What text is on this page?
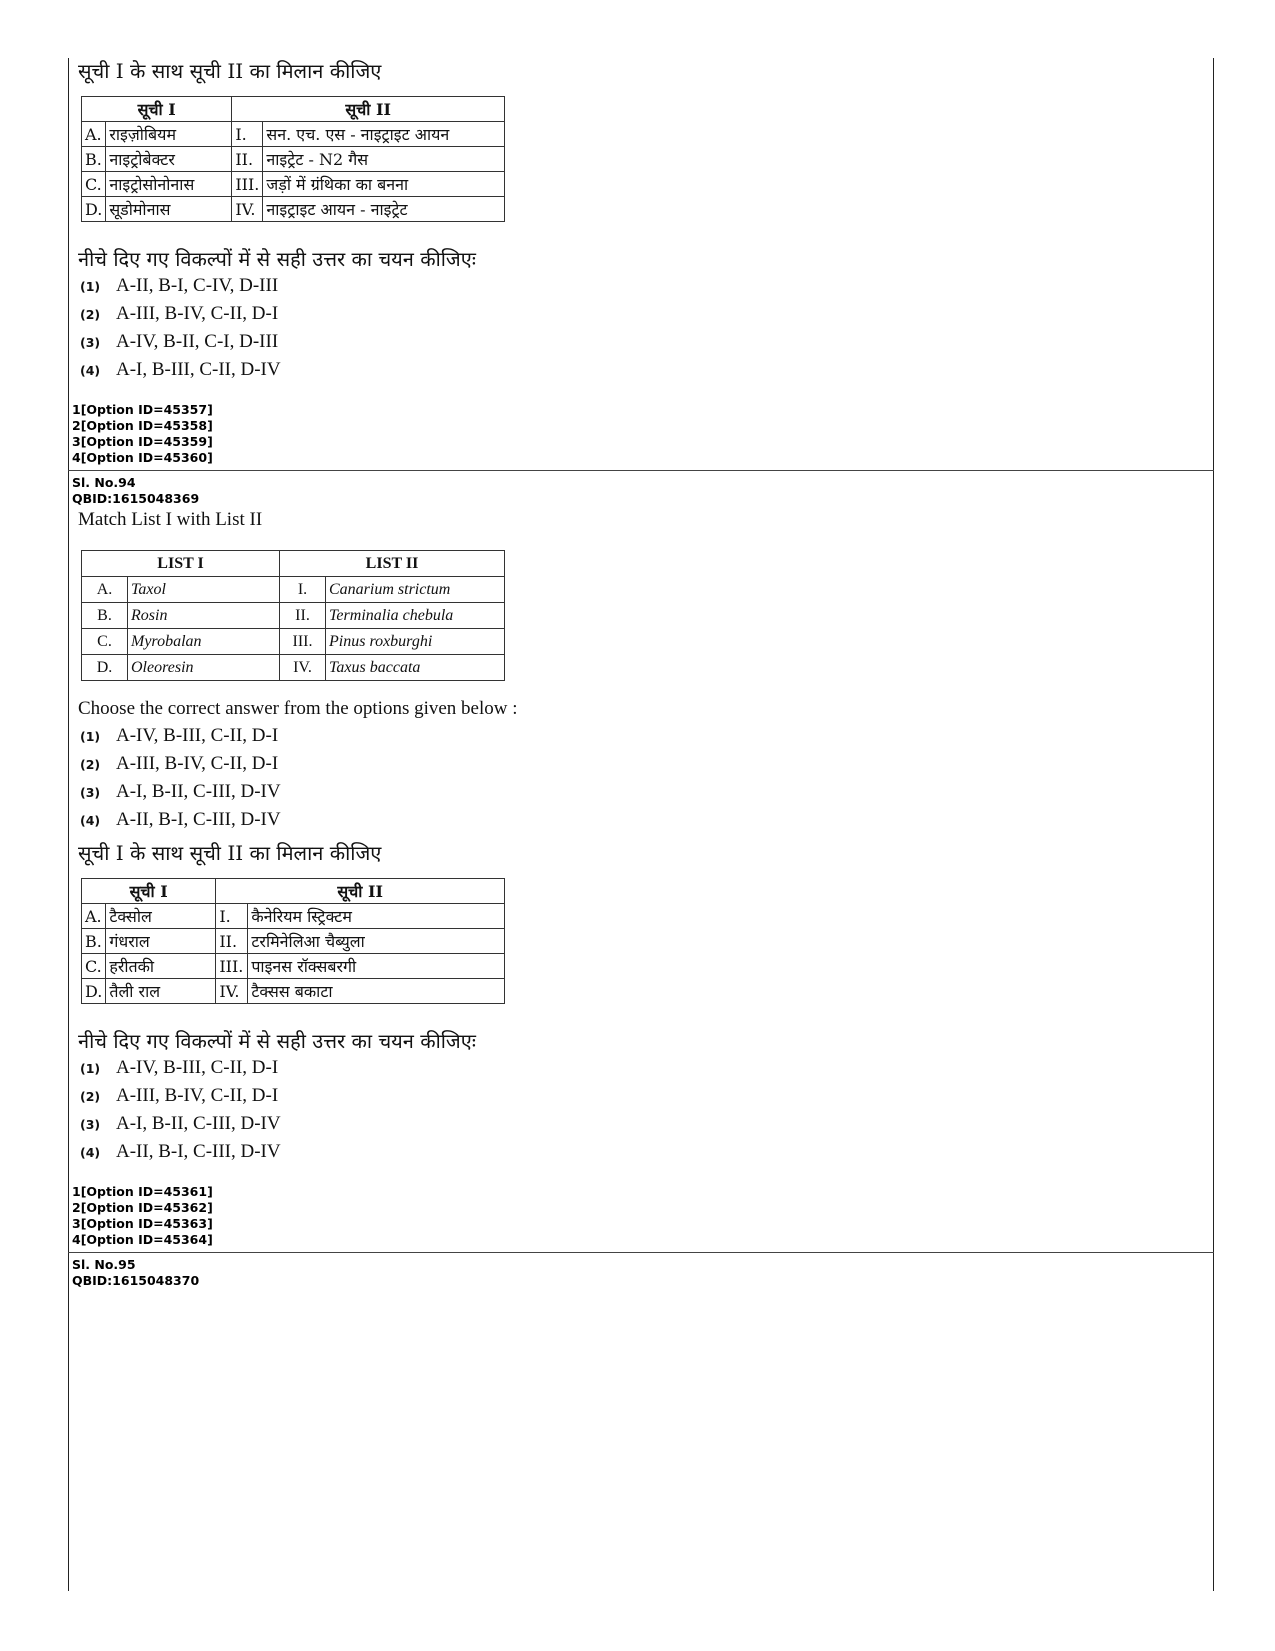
सूची I के साथ सूची II का मिलान कीजिए
सूची I		सूची II	
A.	राइज़ोबियम	I.	सन. एच. एस - नाइट्राइट आयन
B.	नाइट्रोबेक्टर	II.	नाइट्रेट - N2 गैस
C.	नाइट्रोसोनोनास	III.	जड़ों में ग्रंथिका का बनना
D.	सूडोमोनास	IV.	नाइट्राइट आयन - नाइट्रेट
नीचे दिए गए विकल्पों में से सही उत्तर का चयन कीजिएः
(1) A-II, B-I, C-IV, D-III
(2) A-III, B-IV, C-II, D-I
(3) A-IV, B-II, C-I, D-III
(4) A-I, B-III, C-II, D-IV
1[Option ID=45357]
2[Option ID=45358]
3[Option ID=45359]
4[Option ID=45360]
Sl. No.94
QBID:1615048369
Match List I with List II
LIST I		LIST II	
A.	Taxol	I.	Canarium strictum
B.	Rosin	II.	Terminalia chebula
C.	Myrobalan	III.	Pinus roxburghi
D.	Oleoresin	IV.	Taxus baccata
Choose the correct answer from the options given below :
(1) A-IV, B-III, C-II, D-I
(2) A-III, B-IV, C-II, D-I
(3) A-I, B-II, C-III, D-IV
(4) A-II, B-I, C-III, D-IV
सूची I के साथ सूची II का मिलान कीजिए
सूची I		सूची II	
A.	टैक्सोल	I.	कैनेरियम स्ट्रिक्टम
B.	गंधराल	II.	टरमिनेलिआ चैब्युला
C.	हरीतकी	III.	पाइनस रॉक्सबरगी
D.	तैली राल	IV.	टैक्सस बकाटा
नीचे दिए गए विकल्पों में से सही उत्तर का चयन कीजिएः
(1) A-IV, B-III, C-II, D-I
(2) A-III, B-IV, C-II, D-I
(3) A-I, B-II, C-III, D-IV
(4) A-II, B-I, C-III, D-IV
1[Option ID=45361]
2[Option ID=45362]
3[Option ID=45363]
4[Option ID=45364]
Sl. No.95
QBID:1615048370
